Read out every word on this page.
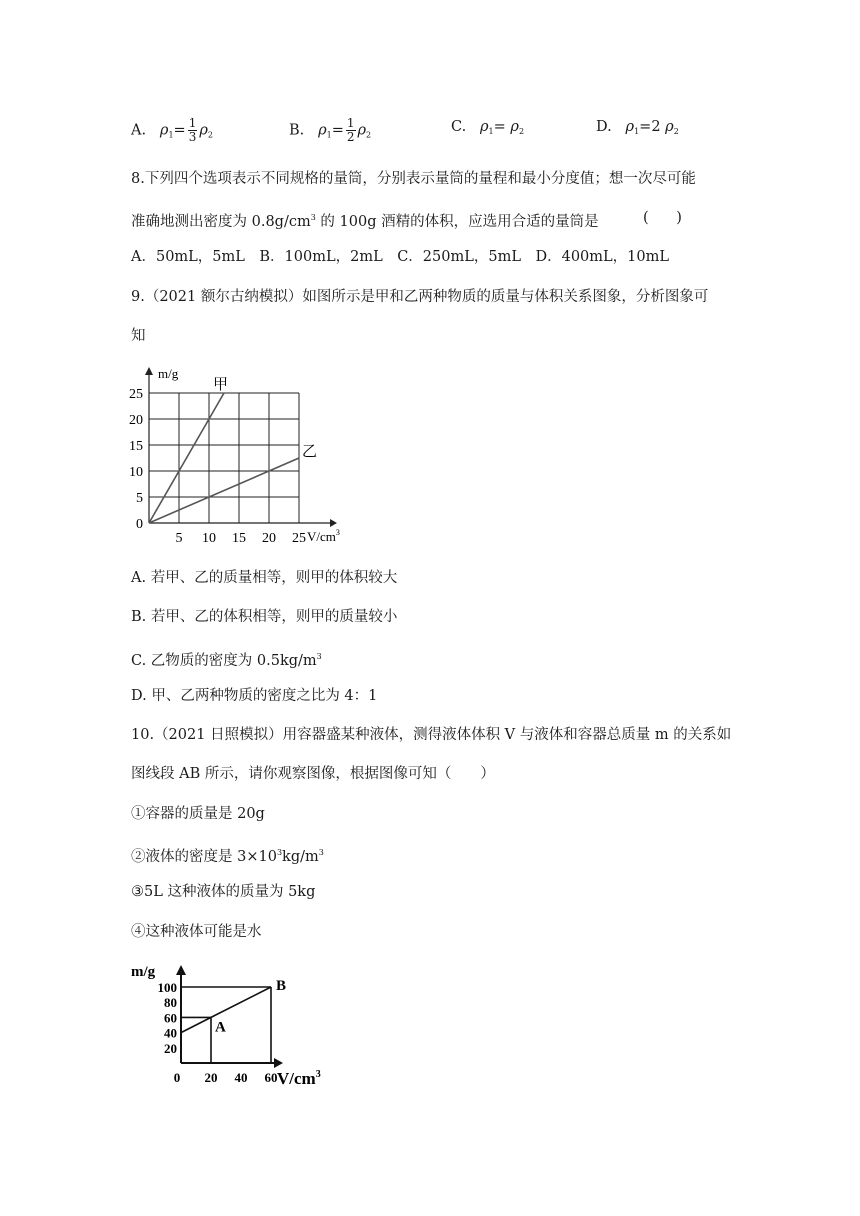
A. $\rho_1= \frac{1}{3} \rho_2$	B. $\rho_1= \frac{1}{2} \rho_2$	C. $\rho_1= \rho_2$	D. $\rho_1=2$ $\rho_2$
8.下列四个选项表示不同规格的量筒，分别表示量筒的量程和最小分度值；想一次尽可能
准确地测出密度为 $0.8g/cm^3$ 的 100g 酒精的体积，应选用合适的量筒是	(      )
A．50mL，5mL　B．100mL，2mL　C．250mL，5mL　D．400mL，10mL
9.（2021 额尔古纳模拟）如图所示是甲和乙两种物质的质量与体积关系图象，分析图象可
知
m/g
$V/cm^3$
0
5
10
15
20
25
5 10 15 20 25
甲
乙
A. 若甲、乙的质量相等，则甲的体积较大
B. 若甲、乙的体积相等，则甲的质量较小
C. 乙物质的密度为 $0.5kg/m^3$
D. 甲、乙两种物质的密度之比为 4：1
10.（2021 日照模拟）用容器盛某种液体，测得液体体积 V 与液体和容器总质量 m 的关系如
图线段 AB 所示，请你观察图像，根据图像可知（　　）
①容器的质量是 20g
②液体的密度是 $3\times 10^3kg/m^3$
③5L 这种液体的质量为 5kg
④这种液体可能是水
m/g
$V/cm^3$
100
80
60
40
20
0 20 40 60
A
B
